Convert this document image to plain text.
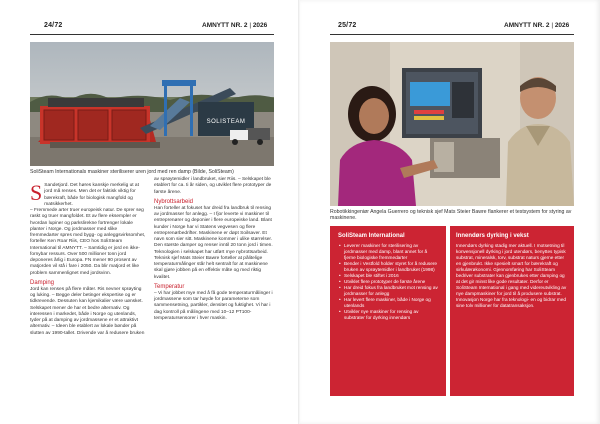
24/72	AMNYTT NR. 2 | 2026
SOLISTEAM
SoliSteam Internationals maskiner steriliserer uren jord med ren damp (Bilde, SoliSteam)

S Sandetjord. Det høres kanskje merkelig ut at jord må renses. Men det er faktisk viktig for bærekraft, både for biologisk mangfold og matsikkerhet.

– Fremmede arter truer europeisk natur. De sprer seg raskt og truer mangfoldet. Et av flere eksempler er hvordan lupiner og parkslirekne fortrenger lokale planter i Norge. Og jordmasser med slike fremmedarter spres med bygg- og anleggsvirksomhet, forteller Ken Roar Riis, CEO hos SoliSteam International til AMNYTT. – Samtidig er jord en ikke-fornybar ressurs. Over 500 millioner tonn jord deponeres årlig i Europa. FN mener 90 prosent av matjorden vil stå i fare i 2050. Da blir matjord et like problem sammenlignet med jordsvinn.

Damping

Jord kan renses på flere måter. Ris nevner sprøyting og luking. – Begge deler betinger ekspertise og er tidkrevende. Dessuten kan kjemikalier være uønsket. Selskapet mener de har et bedre alternativ. Og interessen i markedet, både i Norge og utenlands, tyder på at damping av jordmassene er et attraktivt alternativ. – Ideen ble etablert av lokale bønder på slutten av 1990-tallet. Drivende var å redusere bruken

av sprøytemidler i landbruket, sier Riis. – Selskapet ble etablert for ca. ti år siden, og utviklet flere prototyper de første årene.

Nybrottsarbeid

Han forteller at fokuset har dreid fra landbruk til rensing av jordmasser for anlegg. – I fjor leverte vi maskiner til entreprenører og deponier i flere europeiske land. Blant kunder i Norge har vi Statens vegvesen og flere entreprenørbedrifter. Maskinene er døpt Soilsaver. Et navn som sier sitt. Maskinene kommer i ulike størrelser. Den største damper og renser inntil 20 tonn jord i timen. Teknologien i selskapet har utført mye nybrottsarbeid. Teknisk sjef Mats Steier Bawre forteller at pålitelige temperaturmålinger står helt sentralt for at maskinene skal gjøre jobben på en effektiv måte og med riktig kvalitet.

Temperatur

– Vi har jobbet mye med å få gode temperaturmålinger i jordmassene som tar høyde for parameterne som sammensetning, partikler, densitet og fuktighet. Vi har i dag kontroll på målingene med 10–12 PT100-temperatursensorer i hver maskin.

25/72	AMNYTT NR. 2 | 2026
Robotikkingeniør Angela Guerrero og teknisk sjef Mats Steier Bawre flankerer et testsystem for styring av maskinene.
SoliSteam International
• Leverer maskiner for sterilisering av jordmasser med damp, blant annet for å fjerne biologiske fremmedarter
• Bender i Vestfold holder styret for å redusere bruken av sprøytemidler i landbruket (1998)
• Selskapet ble stiftet i 2016
• Utviklet flere prototyper de første årene
• Har dreid fokus fra landbruket mot rensing av jordmasser for anlegg
• Har levert flere maskiner, både i Norge og utenlands
• Utvikler nye maskiner for rensing av substrater for dyrking innendørs
Innendørs dyrking i vekst
Innendørs dyrking stadig mer aktuell. I motsetning til konvensjonell dyrking i jord utendørs, benyttes typisk substrat, mineralsk, torv, substrat naturs gjerne etter en gjenbrukt. Ikke spesielt smart for bærekraft og sirkulærøkonomi. Gjennomføring har SoliSteam bedriver substrater kan gjenbrukes etter damping og at det gir minst like gode resultater. Derfor er SoliSteam International i gang med videreutvikling av nye dampmaskiner for jord til å produsere substrat. Innovasjon Norge har fra teknologi- en og bidrar med sine tolv millioner for datatransaksjon.
